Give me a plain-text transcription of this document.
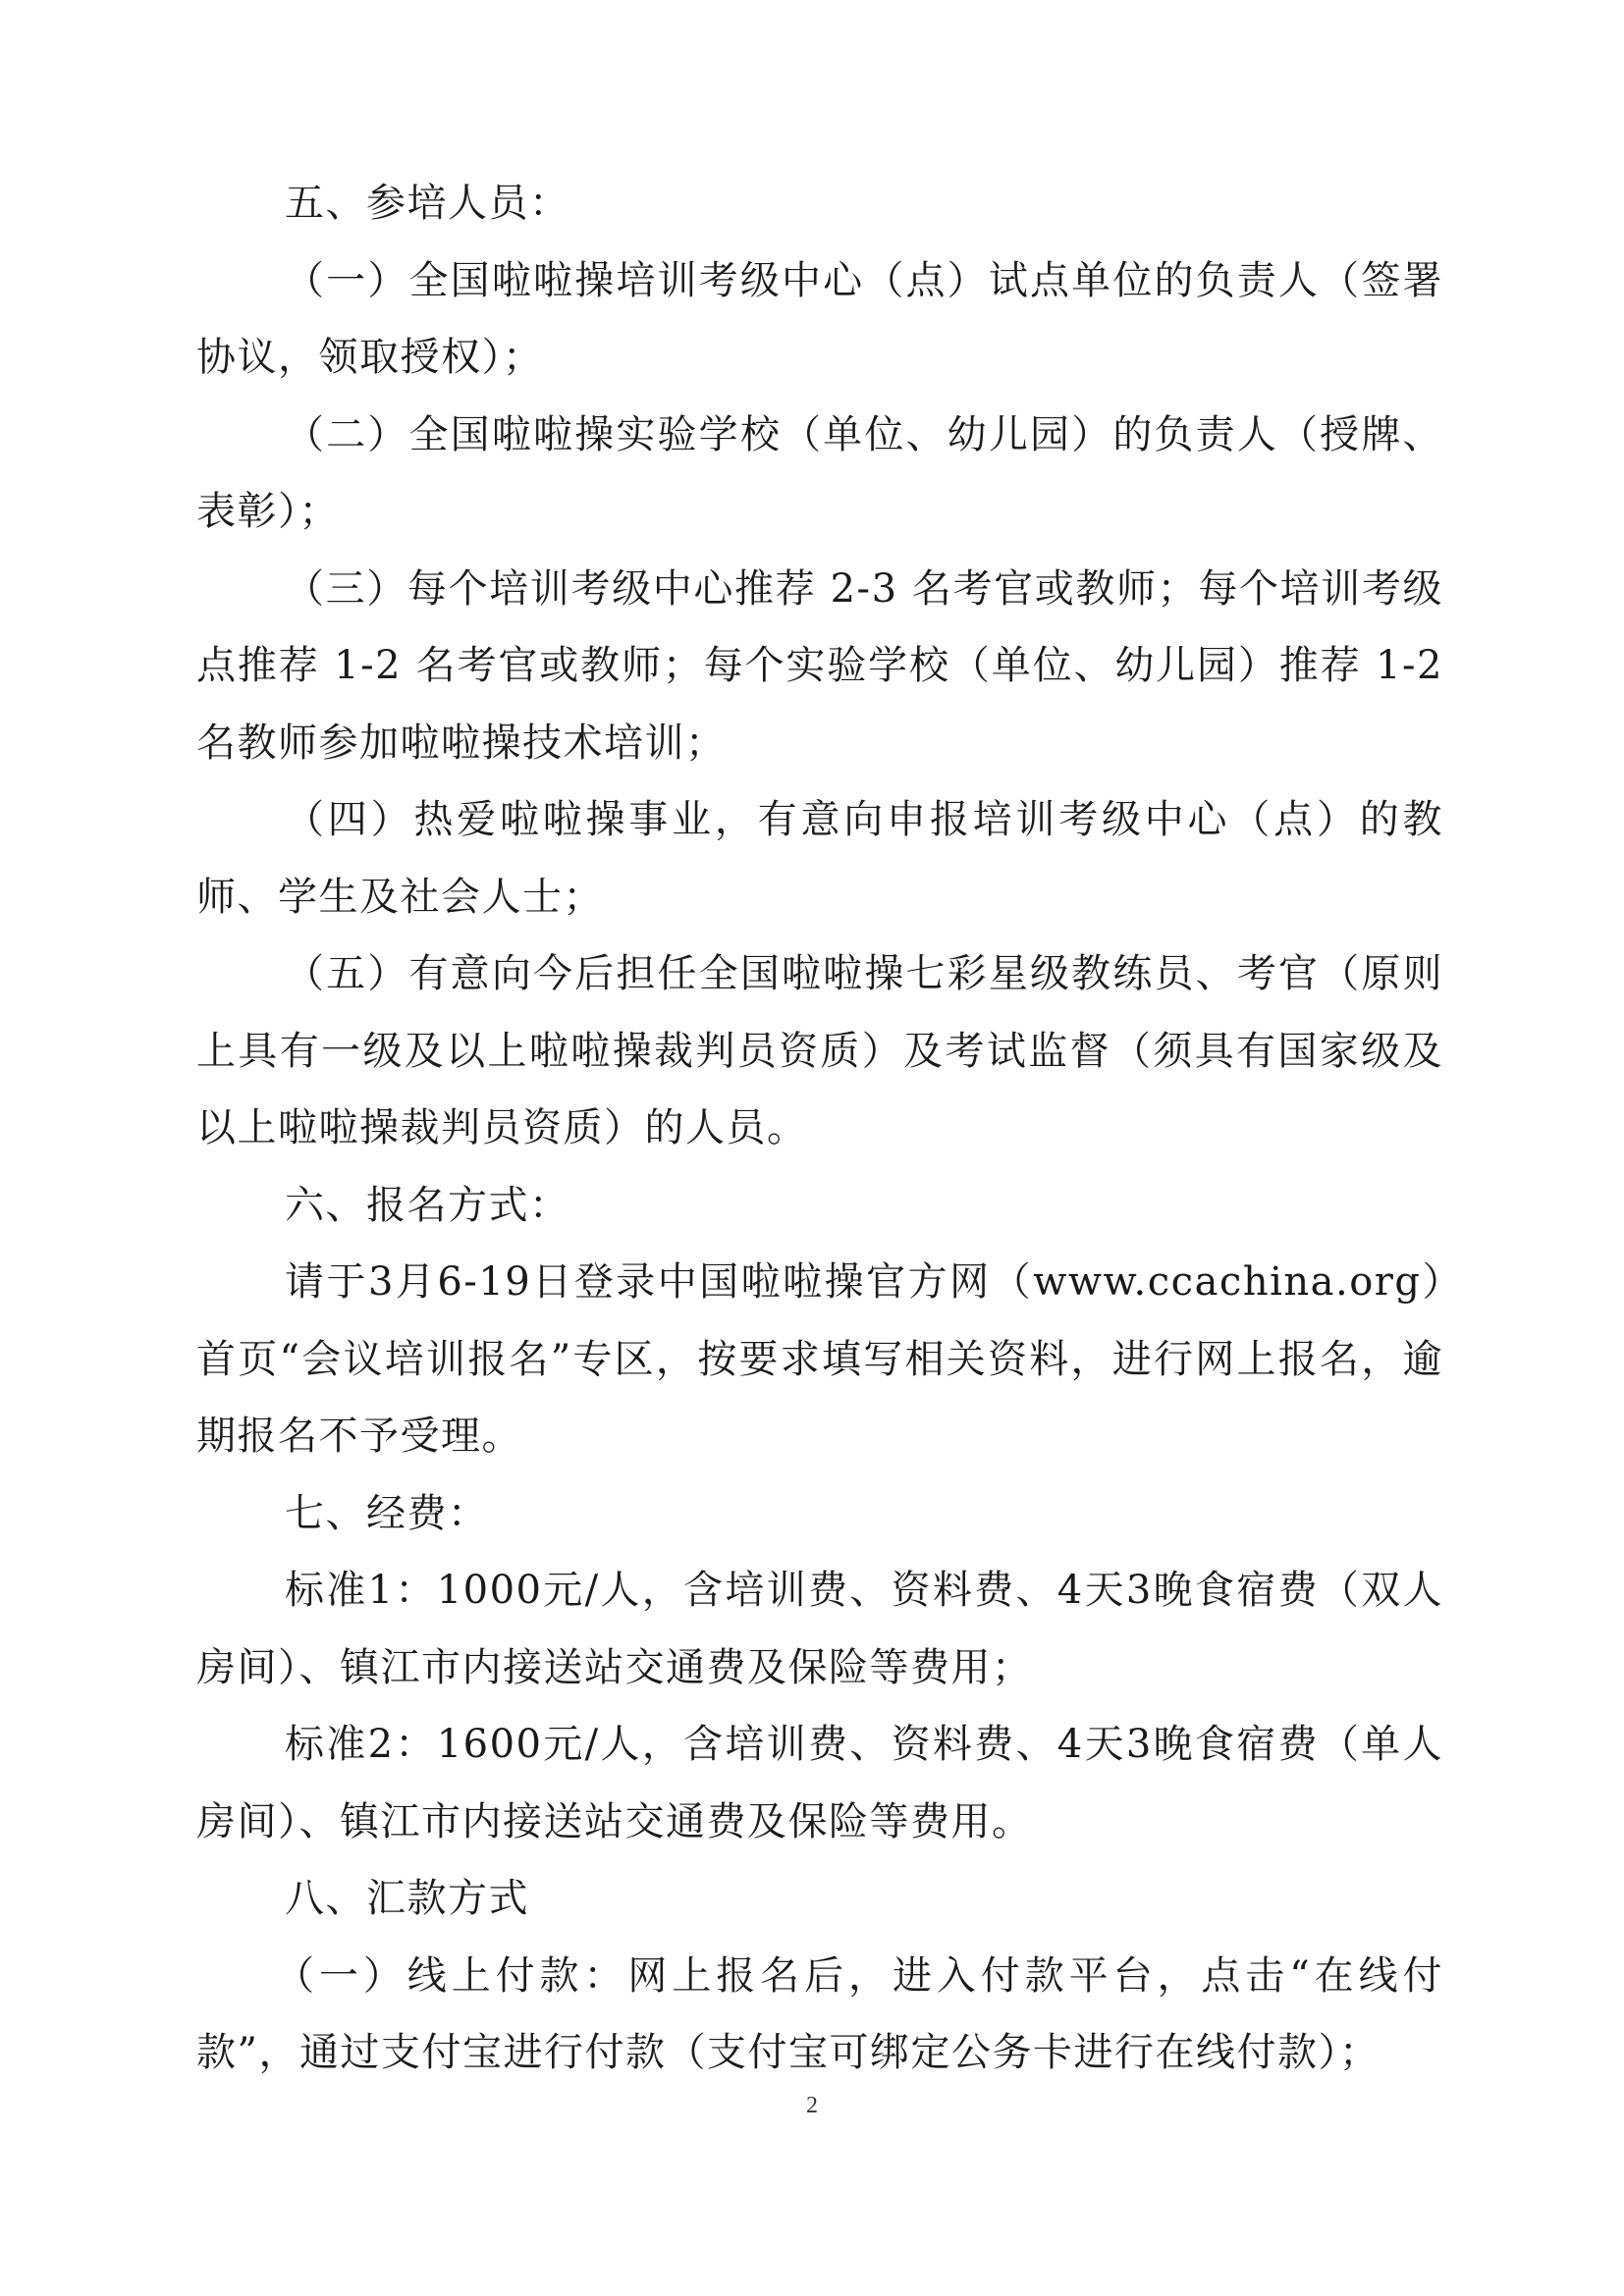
五、参培人员：

（一）全国啦啦操培训考级中心（点）试点单位的负责人（签署协议，领取授权）；

（二）全国啦啦操实验学校（单位、幼儿园）的负责人（授牌、表彰）；

（三）每个培训考级中心推荐 2-3 名考官或教师；每个培训考级点推荐 1-2 名考官或教师；每个实验学校（单位、幼儿园）推荐 1-2 名教师参加啦啦操技术培训；

（四）热爱啦啦操事业，有意向申报培训考级中心（点）的教师、学生及社会人士；

（五）有意向今后担任全国啦啦操七彩星级教练员、考官（原则上具有一级及以上啦啦操裁判员资质）及考试监督（须具有国家级及以上啦啦操裁判员资质）的人员。

六、报名方式：

请于3月6-19日登录中国啦啦操官方网（www.ccachina.org）首页“会议培训报名”专区，按要求填写相关资料，进行网上报名，逾期报名不予受理。

七、经费：

标准1：1000元/人，含培训费、资料费、4天3晚食宿费（双人房间）、镇江市内接送站交通费及保险等费用；

标准2：1600元/人，含培训费、资料费、4天3晚食宿费（单人房间）、镇江市内接送站交通费及保险等费用。

八、汇款方式

（一）线上付款：网上报名后，进入付款平台，点击“在线付款”，通过支付宝进行付款（支付宝可绑定公务卡进行在线付款）；

2
